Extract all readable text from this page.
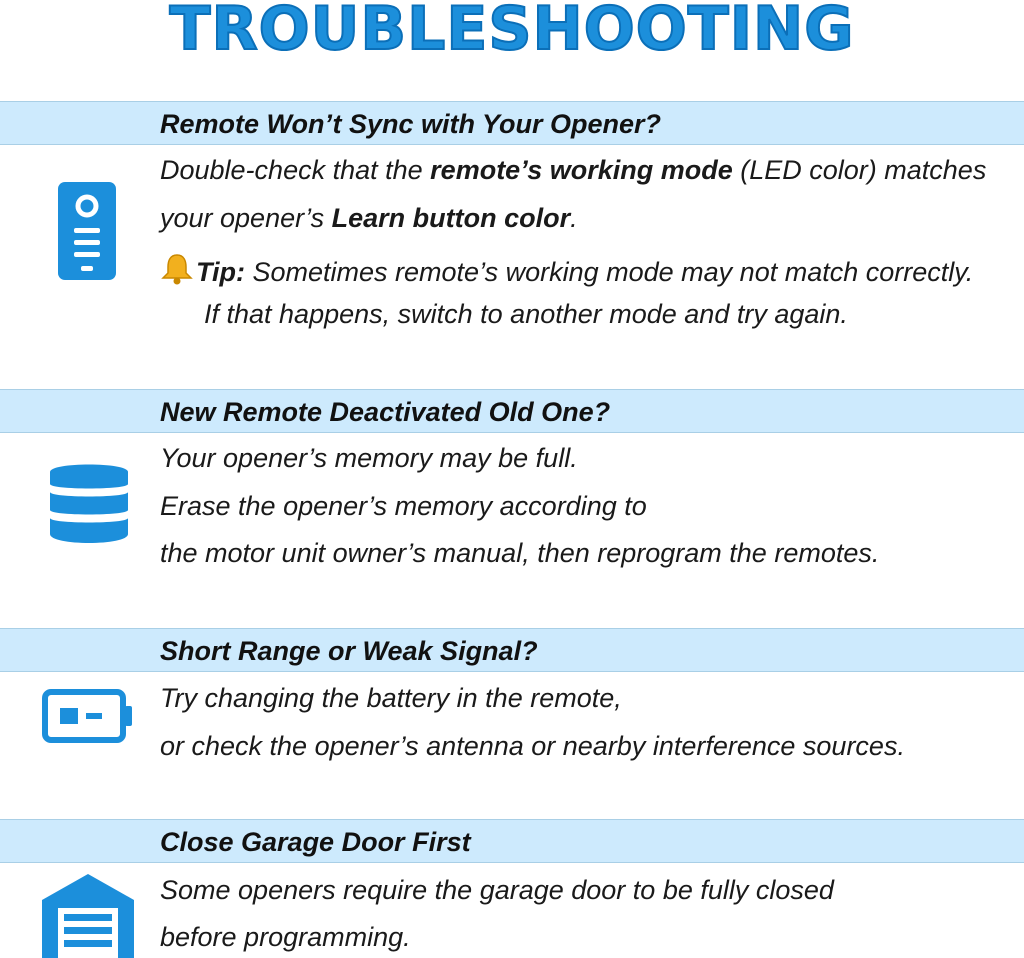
TROUBLESHOOTING
Remote Won’t Sync with Your Opener?
Double-check that the remote’s working mode (LED color) matches
your opener’s Learn button color.
Tip: Sometimes remote’s working mode may not match correctly.
If that happens, switch to another mode and try again.
New Remote Deactivated Old One?
Your opener’s memory may be full.
Erase the opener’s memory according to
the motor unit owner’s manual, then reprogram the remotes.
Short Range or Weak Signal?
Try changing the battery in the remote,
or check the opener’s antenna or nearby interference sources.
Close Garage Door First
Some openers require the garage door to be fully closed
before programming.
